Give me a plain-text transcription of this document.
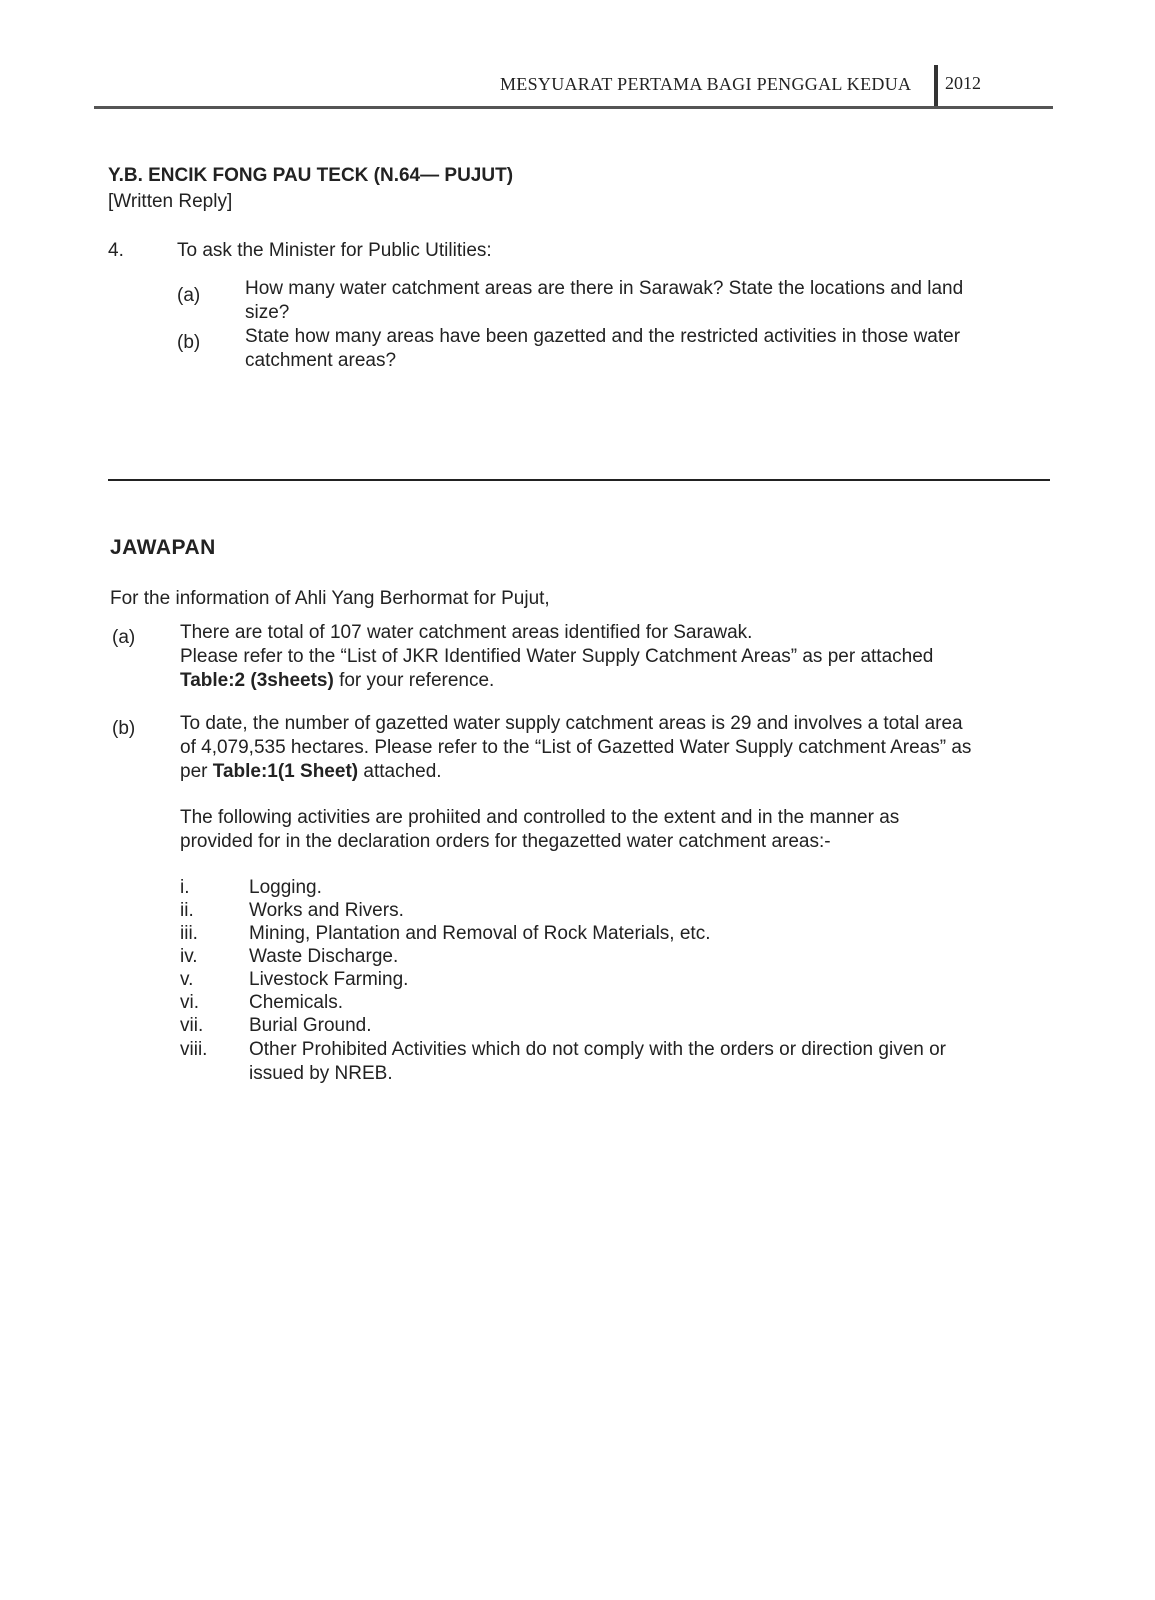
MESYUARAT PERTAMA BAGI PENGGAL KEDUA 2012
Y.B. ENCIK FONG PAU TECK (N.64— PUJUT)
[Written Reply]
4.	To ask the Minister for Public Utilities:
(a) How many water catchment areas are there in Sarawak? State the locations and land
size?
(b) State how many areas have been gazetted and the restricted activities in those water
catchment areas?
JAWAPAN
For the information of Ahli Yang Berhormat for Pujut,
(a) There are total of 107 water catchment areas identified for Sarawak.
Please refer to the “List of JKR Identified Water Supply Catchment Areas” as per attached
Table:2 (3sheets) for your reference.
(b) To date, the number of gazetted water supply catchment areas is 29 and involves a total area
of 4,079,535 hectares. Please refer to the “List of Gazetted Water Supply catchment Areas” as
per Table:1(1 Sheet) attached.
The following activities are prohiited and controlled to the extent and in the manner as
provided for in the declaration orders for thegazetted water catchment areas:-
i.	Logging.
ii.	Works and Rivers.
iii.	Mining, Plantation and Removal of Rock Materials, etc.
iv.	Waste Discharge.
v.	Livestock Farming.
vi.	Chemicals.
vii. Burial Ground.
viii. Other Prohibited Activities which do not comply with the orders or direction given or
issued by NREB.
